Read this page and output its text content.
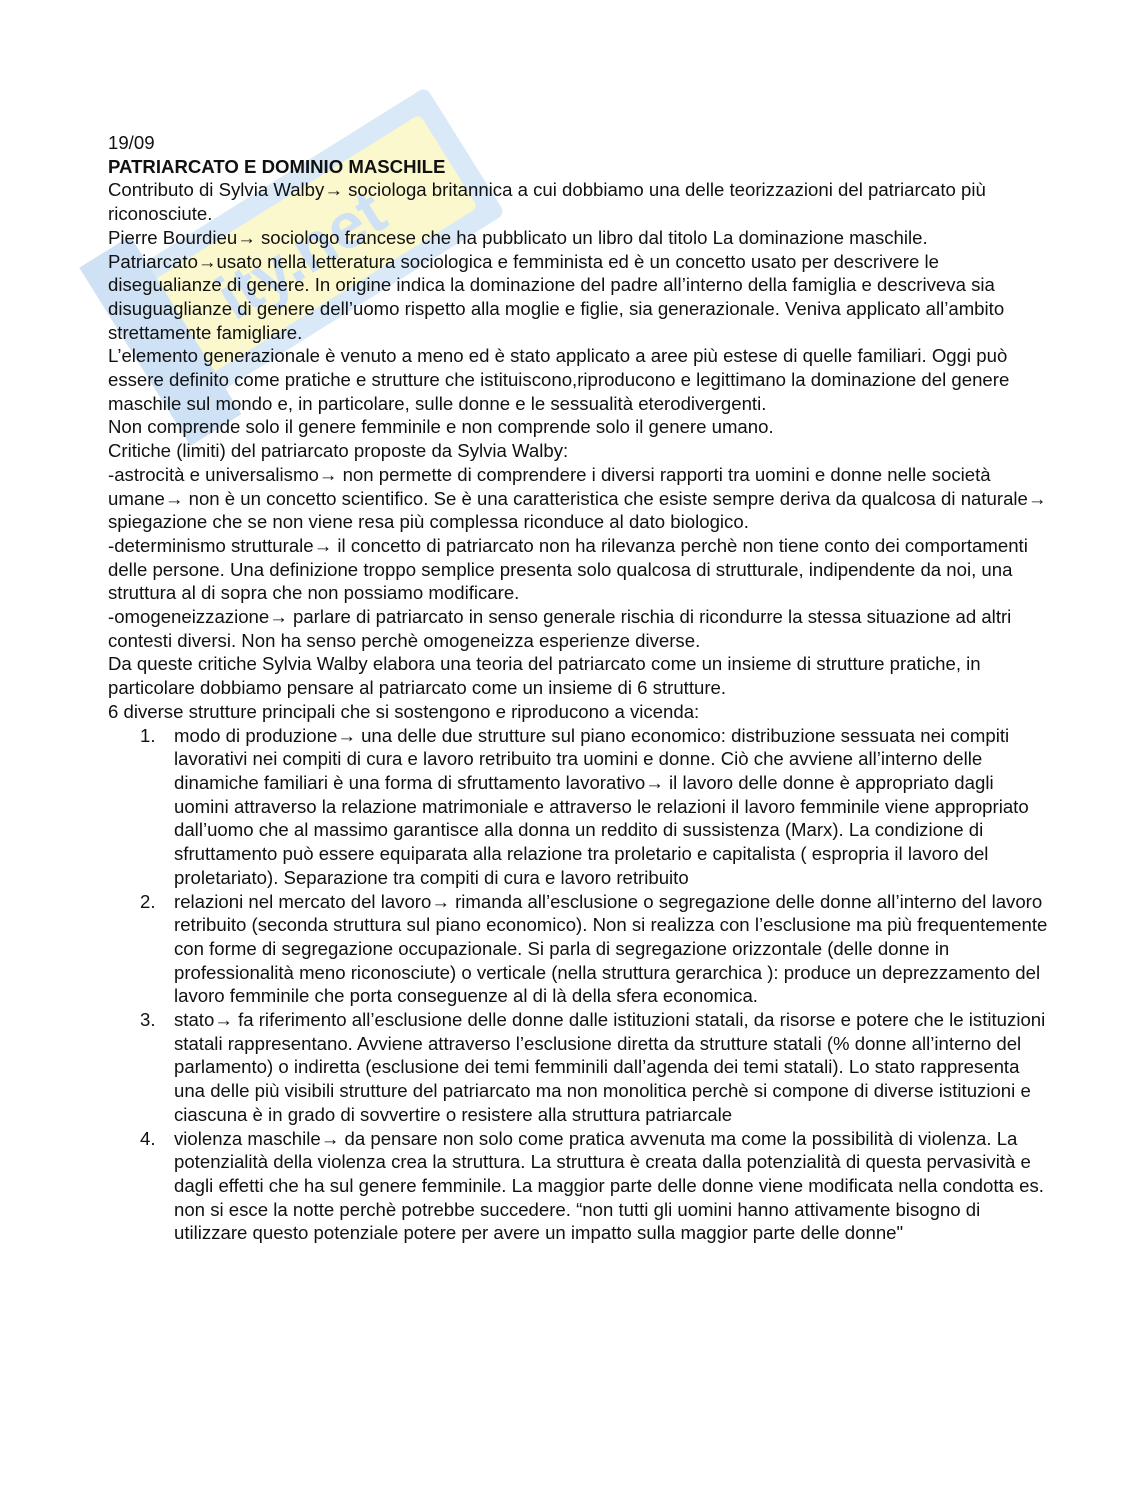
ity.net

19/09

PATRIARCATO E DOMINIO MASCHILE

Contributo di Sylvia Walby→ sociologa britannica a cui dobbiamo una delle teorizzazioni del patriarcato più riconosciute.

Pierre Bourdieu→ sociologo francese che ha pubblicato un libro dal titolo La dominazione maschile.

Patriarcato→usato nella letteratura sociologica e femminista ed è un concetto usato per descrivere le disegualianze di genere. In origine indica la dominazione del padre all’interno della famiglia e descriveva sia disuguaglianze di genere dell’uomo rispetto alla moglie e figlie, sia generazionale. Veniva applicato all’ambito strettamente famigliare.

L’elemento generazionale è venuto a meno ed è stato applicato a aree più estese di quelle familiari. Oggi può essere definito come pratiche e strutture che istituiscono,riproducono e legittimano la dominazione del genere maschile sul mondo e, in particolare, sulle donne e le sessualità eterodivergenti.

Non comprende solo il genere femminile e non comprende solo il genere umano.

Critiche (limiti) del patriarcato proposte da Sylvia Walby:

-astrocità e universalismo→ non permette di comprendere i diversi rapporti tra uomini e donne nelle società umane→ non è un concetto scientifico. Se è una caratteristica che esiste sempre deriva da qualcosa di naturale→ spiegazione che se non viene resa più complessa riconduce al dato biologico.

-determinismo strutturale→ il concetto di patriarcato non ha rilevanza perchè non tiene conto dei comportamenti delle persone. Una definizione troppo semplice presenta solo qualcosa di strutturale, indipendente da noi, una struttura al di sopra che non possiamo modificare.

-omogeneizzazione→ parlare di patriarcato in senso generale rischia di ricondurre la stessa situazione ad altri contesti diversi. Non ha senso perchè omogeneizza esperienze diverse.

Da queste critiche Sylvia Walby elabora una teoria del patriarcato come un insieme di strutture pratiche, in particolare dobbiamo pensare al patriarcato come un insieme di 6 strutture.

6 diverse strutture principali che si sostengono e riproducono a vicenda:

1. modo di produzione→ una delle due strutture sul piano economico: distribuzione sessuata nei compiti lavorativi nei compiti di cura e lavoro retribuito tra uomini e donne. Ciò che avviene all’interno delle dinamiche familiari è una forma di sfruttamento lavorativo→ il lavoro delle donne è appropriato dagli uomini attraverso la relazione matrimoniale e attraverso le relazioni il lavoro femminile viene appropriato dall’uomo che al massimo garantisce alla donna un reddito di sussistenza (Marx). La condizione di sfruttamento può essere equiparata alla relazione tra proletario e capitalista ( espropria il lavoro del proletariato). Separazione tra compiti di cura e lavoro retribuito
2. relazioni nel mercato del lavoro→ rimanda all’esclusione o segregazione delle donne all’interno del lavoro retribuito (seconda struttura sul piano economico). Non si realizza con l’esclusione ma più frequentemente con forme di segregazione occupazionale. Si parla di segregazione orizzontale (delle donne in professionalità meno riconosciute) o verticale (nella struttura gerarchica ): produce un deprezzamento del lavoro femminile che porta conseguenze al di là della sfera economica.
3. stato→ fa riferimento all’esclusione delle donne dalle istituzioni statali, da risorse e potere che le istituzioni statali rappresentano. Avviene attraverso l’esclusione diretta da strutture statali (% donne all’interno del parlamento) o indiretta (esclusione dei temi femminili dall’agenda dei temi statali). Lo stato rappresenta una delle più visibili strutture del patriarcato ma non monolitica perchè si compone di diverse istituzioni e ciascuna è in grado di sovvertire o resistere alla struttura patriarcale
4. violenza maschile→ da pensare non solo come pratica avvenuta ma come la possibilità di violenza. La potenzialità della violenza crea la struttura. La struttura è creata dalla potenzialità di questa pervasività e dagli effetti che ha sul genere femminile. La maggior parte delle donne viene modificata nella condotta es. non si esce la notte perchè potrebbe succedere. “non tutti gli uomini hanno attivamente bisogno di utilizzare questo potenziale potere per avere un impatto sulla maggior parte delle donne"
